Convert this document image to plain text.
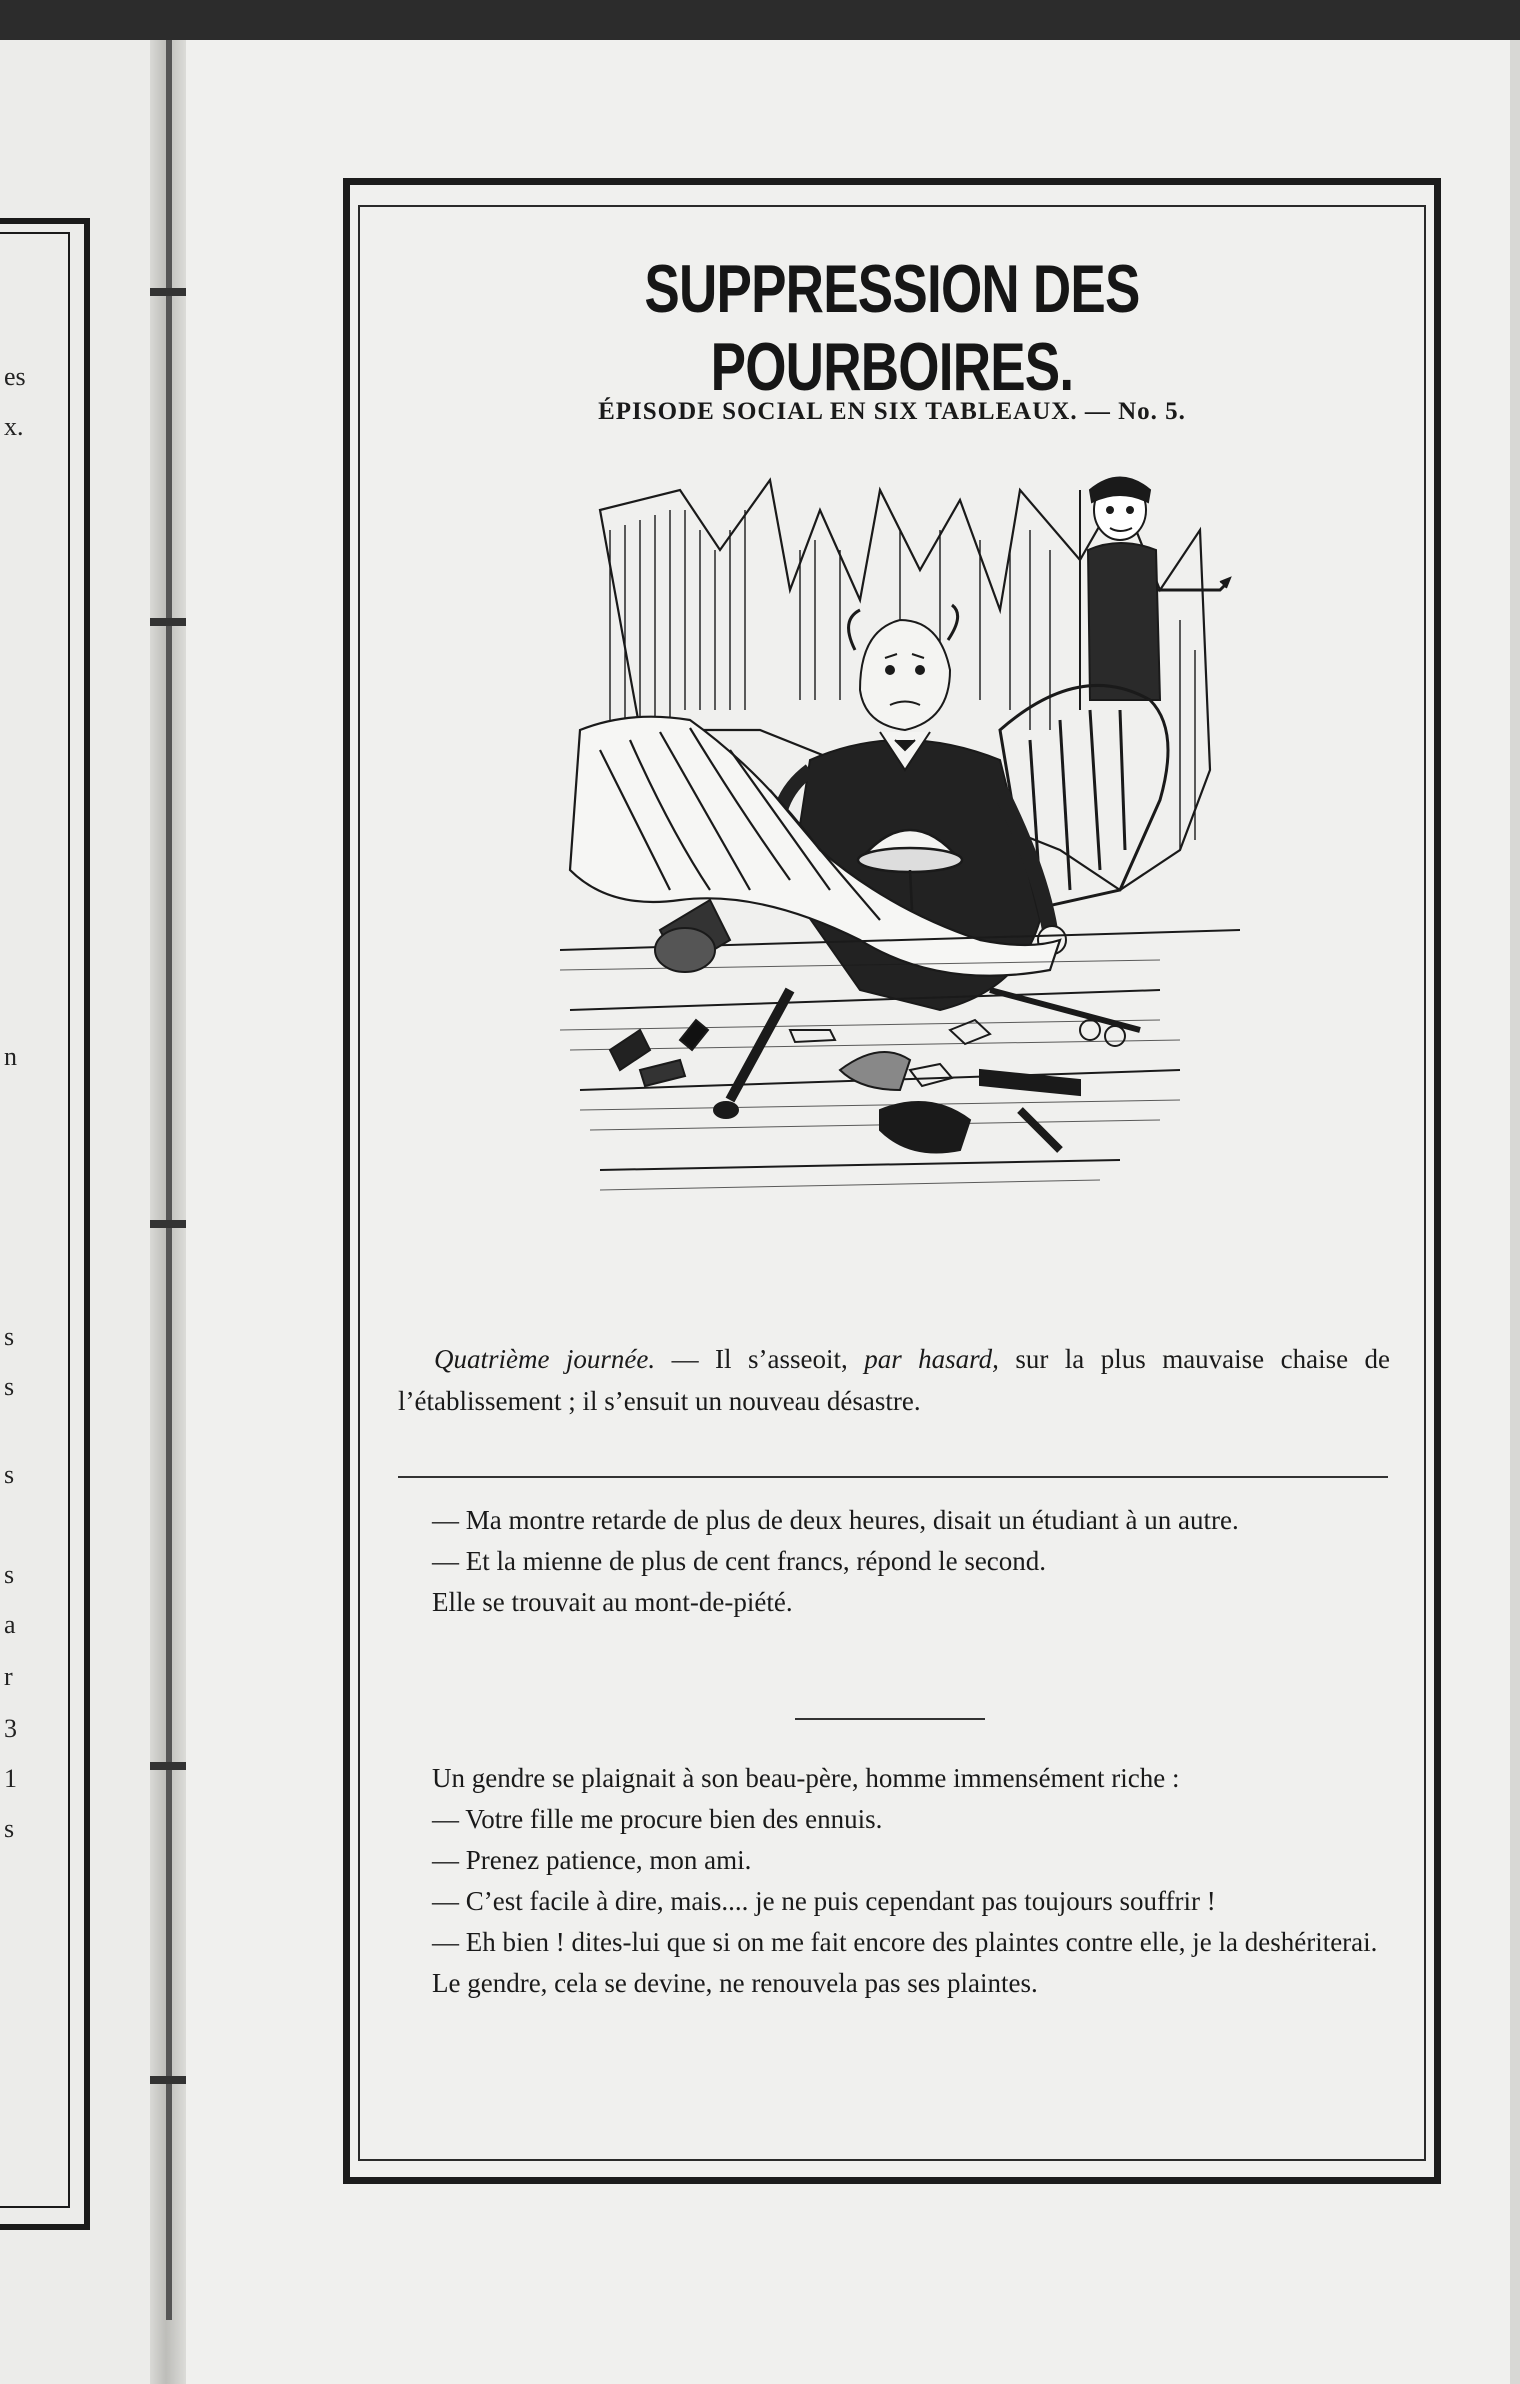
es
x.
n
s
s
s
s
a
r
3
1
s
SUPPRESSION DES POURBOIRES.
ÉPISODE SOCIAL EN SIX TABLEAUX. — No. 5.
Quatrième journée. — Il s’asseoit, par hasard, sur la plus mauvaise chaise de l’établissement ; il s’ensuit un nouveau désastre.

— Ma montre retarde de plus de deux heures, disait un étudiant à un autre.

— Et la mienne de plus de cent francs, répond le second.

Elle se trouvait au mont-de-piété.

Un gendre se plaignait à son beau-père, homme immensément riche :

— Votre fille me procure bien des ennuis.

— Prenez patience, mon ami.

— C’est facile à dire, mais.... je ne puis cependant pas toujours souffrir !

— Eh bien ! dites-lui que si on me fait encore des plaintes contre elle, je la deshériterai.

Le gendre, cela se devine, ne renouvela pas ses plaintes.
